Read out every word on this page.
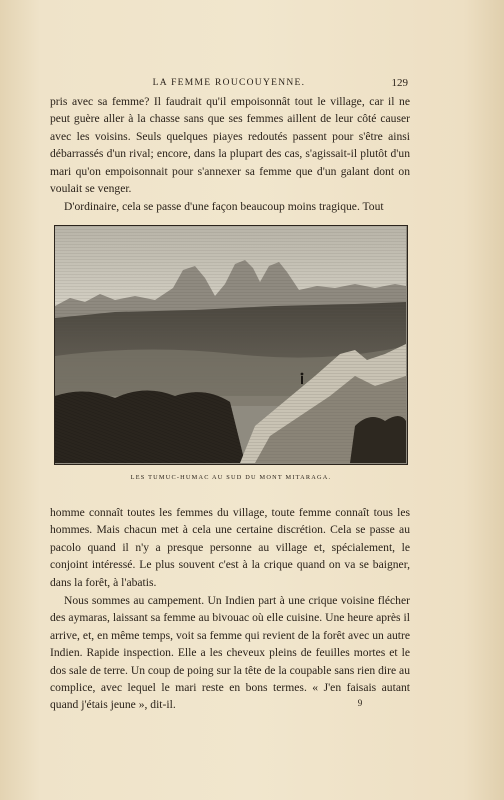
LA FEMME ROUCOUYENNE.	129

pris avec sa femme? Il faudrait qu'il empoisonnât tout le village, car il ne peut guère aller à la chasse sans que ses femmes aillent de leur côté causer avec les voisins. Seuls quelques piayes redoutés passent pour s'être ainsi débarrassés d'un rival; encore, dans la plupart des cas, s'agissait-il plutôt d'un mari qu'on empoisonnait pour s'annexer sa femme que d'un galant dont on voulait se venger.

D'ordinaire, cela se passe d'une façon beaucoup moins tragique. Tout

LES TUMUC-HUMAC AU SUD DU MONT MITARAGA.

homme connaît toutes les femmes du village, toute femme connaît tous les hommes. Mais chacun met à cela une certaine discrétion. Cela se passe au pacolo quand il n'y a presque personne au village et, spécialement, le conjoint intéressé. Le plus souvent c'est à la crique quand on va se baigner, dans la forêt, à l'abatis.

Nous sommes au campement. Un Indien part à une crique voisine flécher des aymaras, laissant sa femme au bivouac où elle cuisine. Une heure après il arrive, et, en même temps, voit sa femme qui revient de la forêt avec un autre Indien. Rapide inspection. Elle a les cheveux pleins de feuilles mortes et le dos sale de terre. Un coup de poing sur la tête de la coupable sans rien dire au complice, avec lequel le mari reste en bons termes. « J'en faisais autant quand j'étais jeune », dit-il.	9
